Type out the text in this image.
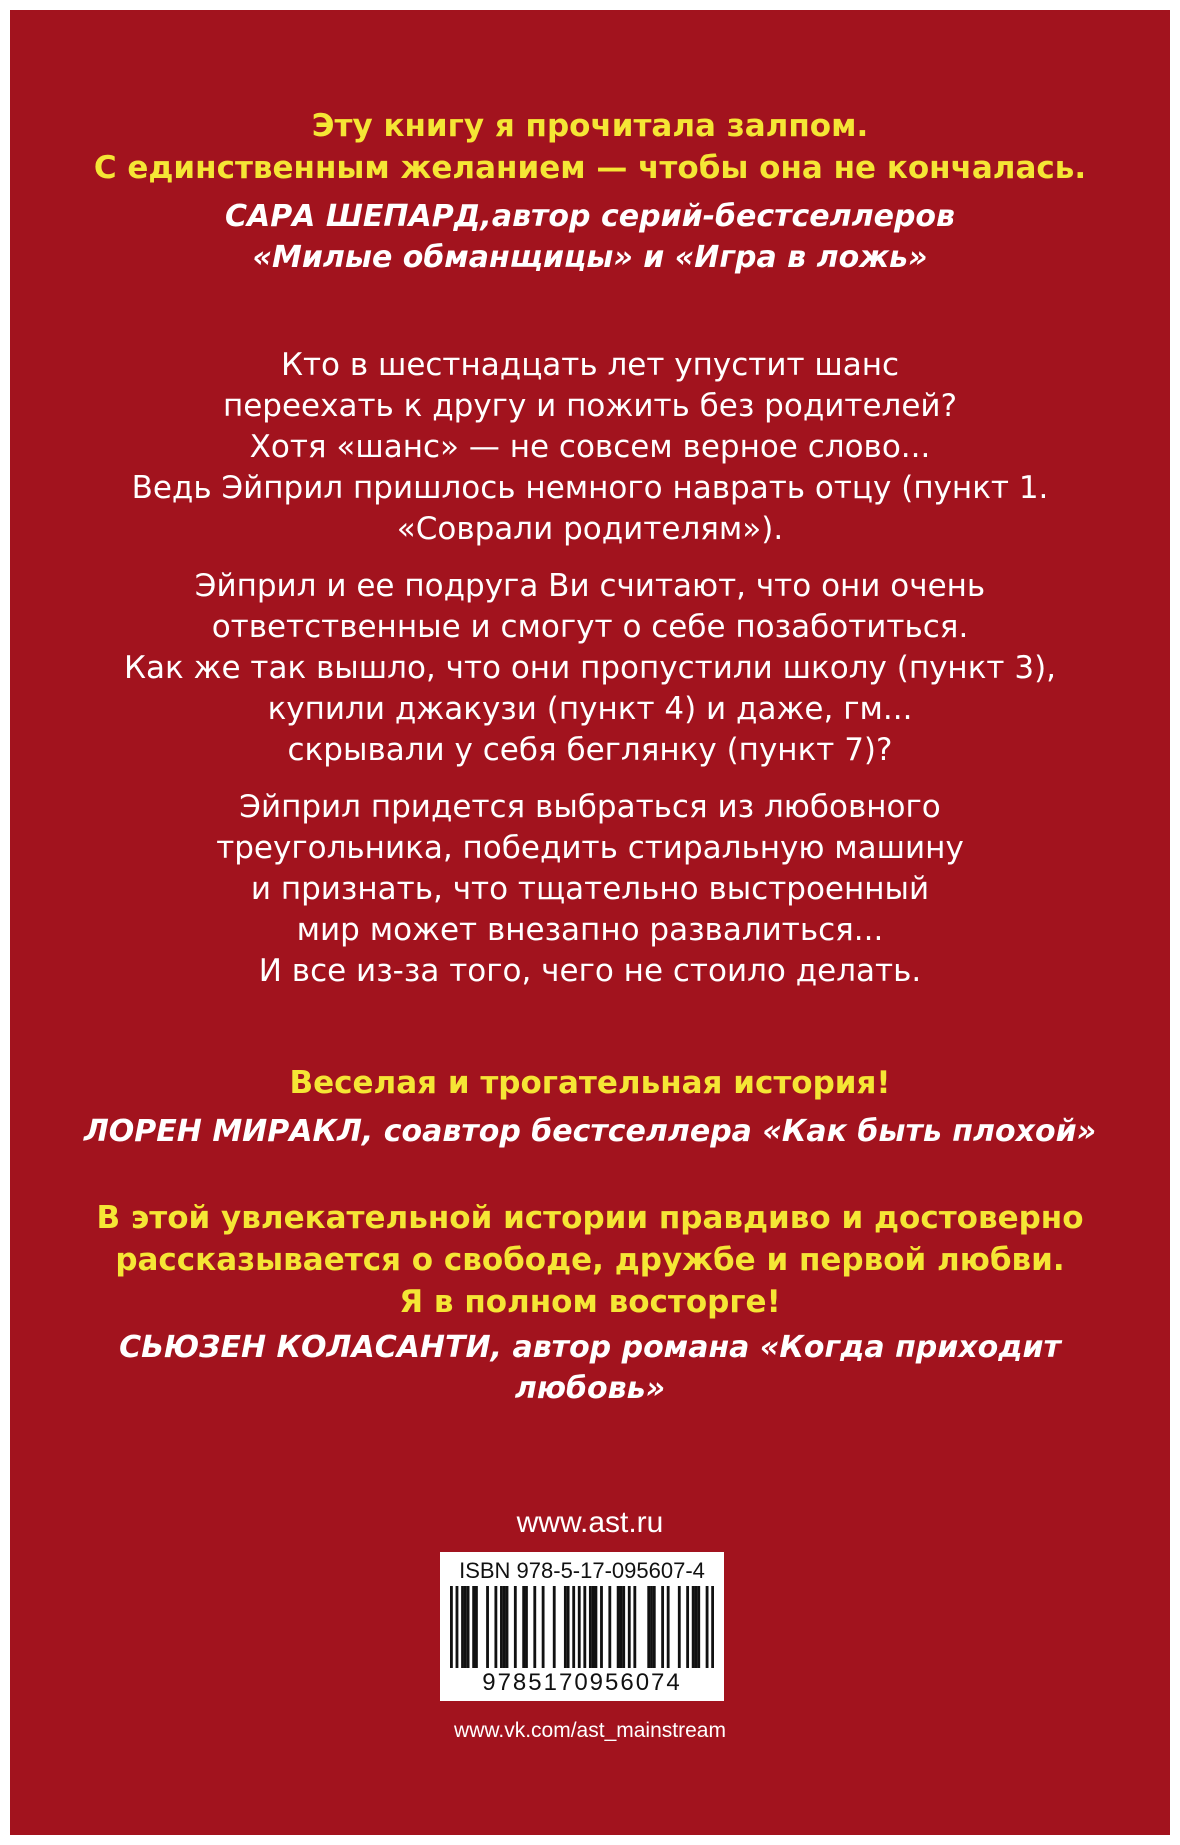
Эту книгу я прочитала залпом.
С единственным желанием — чтобы она не кончалась.
САРА ШЕПАРД,автор серий-бестселлеров
«Милые обманщицы» и «Игра в ложь»
Кто в шестнадцать лет упустит шанс
переехать к другу и пожить без родителей?
Хотя «шанс» — не совсем верное слово...
Ведь Эйприл пришлось немного наврать отцу (пункт 1.
«Соврали родителям»).
Эйприл и ее подруга Ви считают, что они очень
ответственные и смогут о себе позаботиться.
Как же так вышло, что они пропустили школу (пункт 3),
купили джакузи (пункт 4) и даже, гм...
скрывали у себя беглянку (пункт 7)?
Эйприл придется выбраться из любовного
треугольника, победить стиральную машину
и признать, что тщательно выстроенный
мир может внезапно развалиться...
И все из-за того, чего не стоило делать.
Веселая и трогательная история!
ЛОРЕН МИРАКЛ, соавтор бестселлера «Как быть плохой»
В этой увлекательной истории правдиво и достоверно
рассказывается о свободе, дружбе и первой любви.
Я в полном восторге!
СЬЮЗЕН КОЛАСАНТИ, автор романа «Когда приходит
любовь»
www.ast.ru
ISBN 978-5-17-095607-4
9785170956074
www.vk.com/ast_mainstream
